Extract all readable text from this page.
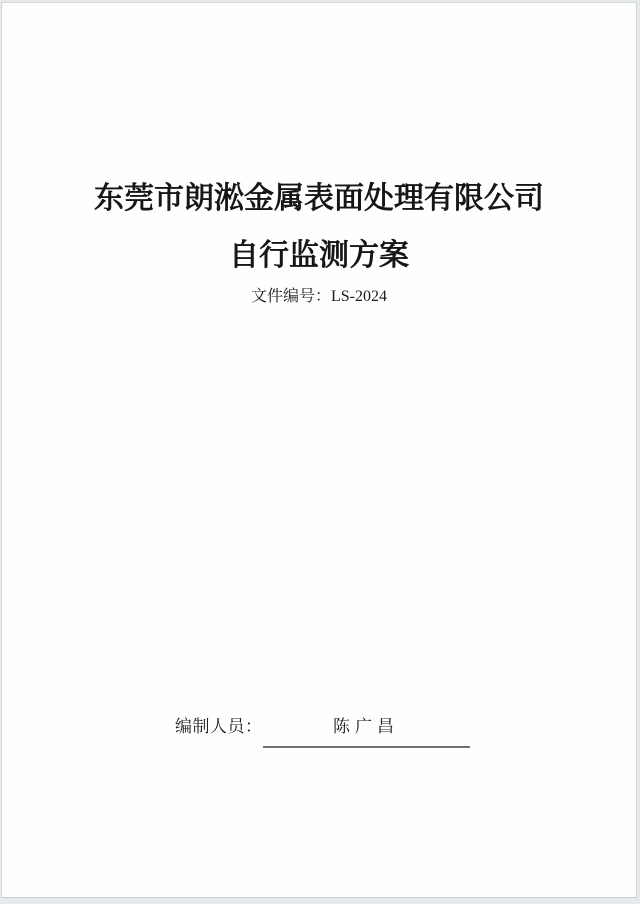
东莞市朗淞金属表面处理有限公司
自行监测方案
文件编号：LS-2024
编制人员：	陈广昌
